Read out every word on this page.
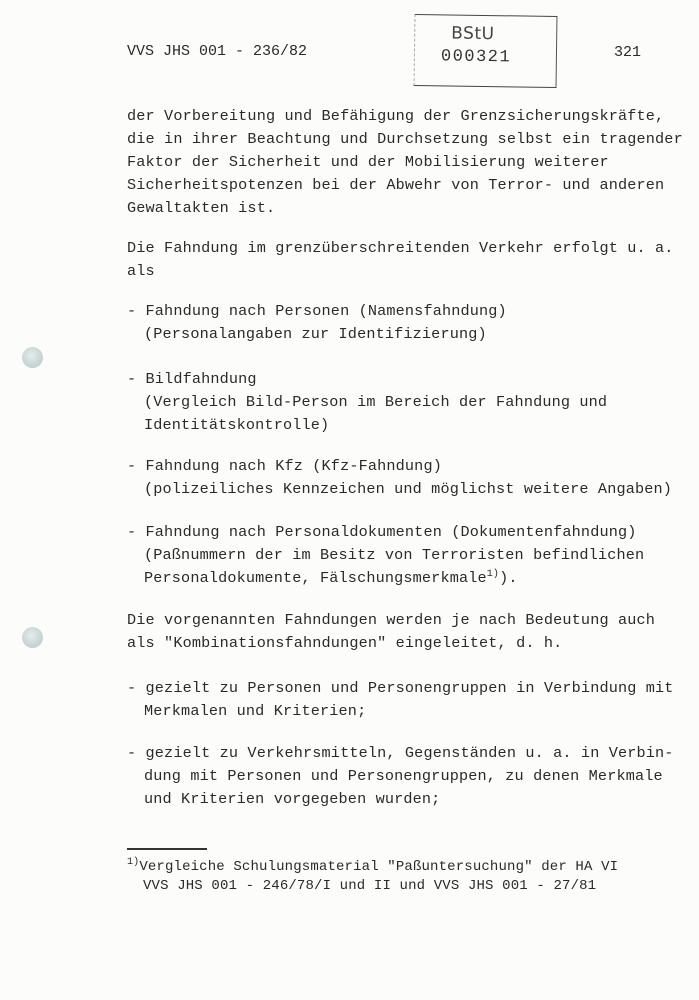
VVS JHS 001 - 236/82
BStU
000321	321
der Vorbereitung und Befähigung der Grenzsicherungskräfte,
die in ihrer Beachtung und Durchsetzung selbst ein tragender
Faktor der Sicherheit und der Mobilisierung weiterer
Sicherheitspotenzen bei der Abwehr von Terror- und anderen
Gewaltakten ist.
Die Fahndung im grenzüberschreitenden Verkehr erfolgt u. a.
als
- Fahndung nach Personen (Namensfahndung)
(Personalangaben zur Identifizierung)
- Bildfahndung
(Vergleich Bild-Person im Bereich der Fahndung und
Identitätskontrolle)
- Fahndung nach Kfz (Kfz-Fahndung)
(polizeiliches Kennzeichen und möglichst weitere Angaben)
- Fahndung nach Personaldokumenten (Dokumentenfahndung)
(Paßnummern der im Besitz von Terroristen befindlichen
Personaldokumente, Fälschungsmerkmale$^{1)}$).
Die vorgenannten Fahndungen werden je nach Bedeutung auch
als "Kombinationsfahndungen" eingeleitet, d. h.
- gezielt zu Personen und Personengruppen in Verbindung mit
Merkmalen und Kriterien;
- gezielt zu Verkehrsmitteln, Gegenständen u. a. in Verbin-
dung mit Personen und Personengruppen, zu denen Merkmale
und Kriterien vorgegeben wurden;
$^{1)}$Vergleiche Schulungsmaterial "Paßuntersuchung" der HA VI
VVS JHS 001 - 246/78/I und II und VVS JHS 001 - 27/81
